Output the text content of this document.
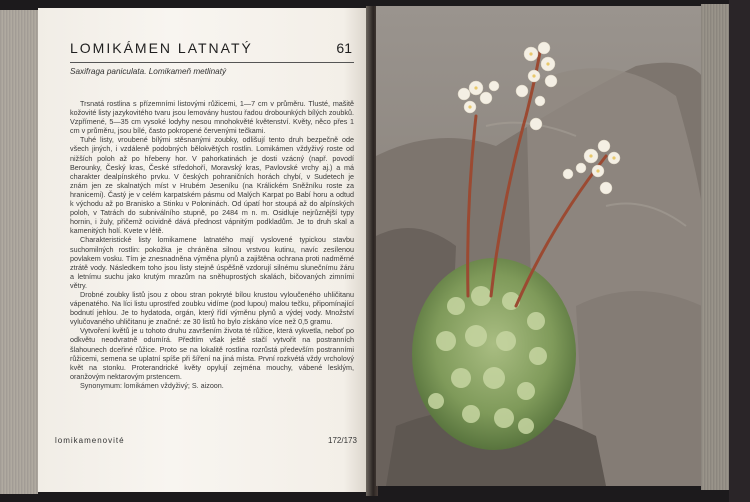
LOMIKÁMEN LATNATÝ	61
Saxifraga paniculata. Lomikameň metlinatý

Trsnatá rostlina s přízemními listovými růžicemi, 1—7 cm v průměru. Tlusté, mašitě kožovité listy jazykovitého tvaru jsou lemovány hustou řadou drobounkých bílých zoubků. Vzpřímené, 5—35 cm vysoké lodyhy nesou mnohokvěté květenství. Květy, něco přes 1 cm v průměru, jsou bílé, často pokropené červenými tečkami.

Tuhé listy, vroubené bílými stěsnanými zoubky, odlišují tento druh bezpečně ode všech jiných, i vzdáleně podobných bělokvětých rostlin. Lomikámen vždyživý roste od nižších poloh až po hřebeny hor. V pahorkatinách je dosti vzácný (např. povodí Berounky, Český kras, České středohoří, Moravský kras, Pavlovské vrchy aj.) a má charakter dealpínského prvku. V českých pohraničních horách chybí, v Sudetech je znám jen ze skalnatých míst v Hrubém Jeseníku (na Králickém Sněžníku roste za hranicemi). Častý je v celém karpatském pásmu od Malých Karpat po Babí horu a odtud k východu až po Branisko a Stinku v Poloninách. Od úpatí hor stoupá až do alpínských poloh, v Tatrách do subniválního stupně, po 2484 m n. m. Osidluje nejrůznější typy hornin, i žuly, přičemž ocividně dává přednost vápnitým podkladům. Je to druh skal a kamenitých holí. Kvete v létě.

Charakteristické listy lomikamene latnatého mají vyslovené typickou stavbu suchomilných rostlin: pokožka je chráněna silnou vrstvou kutinu, navíc zesílenou povlakem vosku. Tím je znesnadněna výměna plynů a zajištěna ochrana proti nadměrné ztrátě vody. Následkem toho jsou listy stejně úspěšně vzdorují silnému slunečnímu žáru a letnímu suchu jako krutým mrazům na sněhuprostých skalách, bičovaných zimními větry.

Drobné zoubky listů jsou z obou stran pokryté bílou krustou vyloučeného uhličitanu vápenatého. Na líci listu uprostřed zoubku vidíme (pod lupou) malou tečku, připomínající bodnutí jehlou. Je to hydatoda, orgán, který řídí výměnu plynů a výdej vody. Množství vylučovaného uhličitanu je značné: ze 30 listů ho bylo získáno více než 0,5 gramu.

Vytvoření květů je u tohoto druhu završením života té růžice, která vykvetla, neboť po odkvětu neodvratně odumírá. Předtím však ještě stačí vytvořit na postranních šlahounech dceřiné růžice. Proto se na lokalitě rostlina rozrůstá především postranními růžicemi, semena se uplatní spíše při šíření na jiná místa. První rozkvétá vždy vrcholový květ na stonku. Proterandrické květy opylují zejména mouchy, vábené lesklým, oranžovým nektarovým prstencem.

Synonymum: lomikámen vždyživý; S. aizoon.

lomikamenovité	172/173
